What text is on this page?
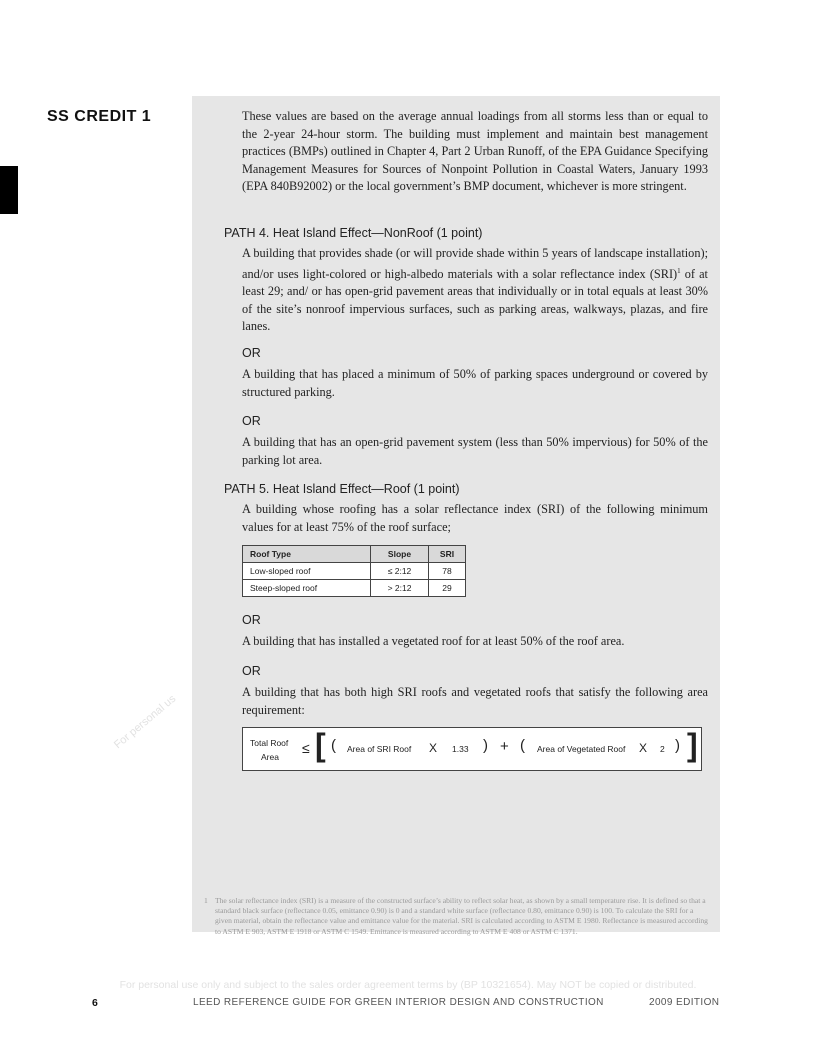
SS CREDIT 1	These values are based on the average annual loadings from all storms less than or equal to the 2-year 24-hour storm. The building must implement and maintain best management practices (BMPs) outlined in Chapter 4, Part 2 Urban Runoff, of the EPA Guidance Specifying Management Measures for Sources of Nonpoint Pollution in Coastal Waters, January 1993 (EPA 840B92002) or the local government’s BMP document, whichever is more stringent.

PATH 4. Heat Island Effect—NonRoof (1 point)

A building that provides shade (or will provide shade within 5 years of landscape installation); and/or uses light-colored or high-albedo materials with a solar reflectance index (SRI)$^1$ of at least 29; and/ or has open-grid pavement areas that individually or in total equals at least 30% of the site’s nonroof impervious surfaces, such as parking areas, walkways, plazas, and fire lanes.

OR

A building that has placed a minimum of 50% of parking spaces underground or covered by structured parking.

OR

A building that has an open-grid pavement system (less than 50% impervious) for 50% of the parking lot area.

PATH 5. Heat Island Effect—Roof (1 point)

A building whose roofing has a solar reflectance index (SRI) of the following minimum values for at least 75% of the roof surface;

Roof Type	Slope	SRI
Low-sloped roof	≤ 2:12	78
Steep-sloped roof	> 2:12	29
OR

A building that has installed a vegetated roof for at least 50% of the roof area.

OR

A building that has both high SRI roofs and vegetated roofs that satisfy the following area requirement:

Total Roof
Area
≤ [ ( Area of SRI Roof X 1.33 ) + ( Area of Vegetated Roof X 2 ) ]
For personal us
1 The solar reflectance index (SRI) is a measure of the constructed surface’s ability to reflect solar heat, as shown by a small temperature rise. It is defined so that a standard black surface (reflectance 0.05, emittance 0.90) is 0 and a standard white surface (reflectance 0.80, emittance 0.90) is 100. To calculate the SRI for a given material, obtain the reflectance value and emittance value for the material. SRI is calculated according to ASTM E 1980. Reflectance is measured according to ASTM E 903, ASTM E 1918 or ASTM C 1549. Emittance is measured according to ASTM E 408 or ASTM C 1371.
For personal use only and subject to the sales order agreement terms by (BP 10321654). May NOT be copied or distributed.
6	LEED REFERENCE GUIDE FOR GREEN INTERIOR DESIGN AND CONSTRUCTION	2009 EDITION
